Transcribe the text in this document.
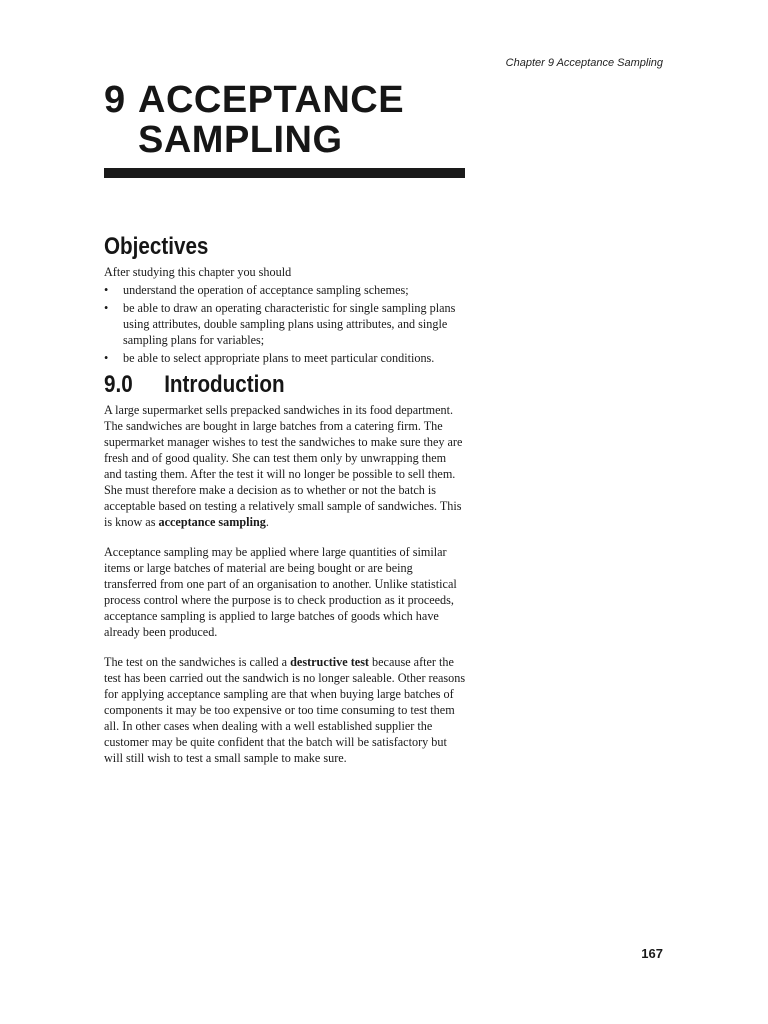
Chapter 9 Acceptance Sampling
9 ACCEPTANCE
SAMPLING
Objectives

After studying this chapter you should

• understand the operation of acceptance sampling schemes;
• be able to draw an operating characteristic for single sampling plans using attributes, double sampling plans using attributes, and single sampling plans for variables;
• be able to select appropriate plans to meet particular conditions.
9.0 Introduction

A large supermarket sells prepacked sandwiches in its food department. The sandwiches are bought in large batches from a catering firm. The supermarket manager wishes to test the sandwiches to make sure they are fresh and of good quality. She can test them only by unwrapping them and tasting them. After the test it will no longer be possible to sell them. She must therefore make a decision as to whether or not the batch is acceptable based on testing a relatively small sample of sandwiches. This is know as acceptance sampling.

Acceptance sampling may be applied where large quantities of similar items or large batches of material are being bought or are being transferred from one part of an organisation to another. Unlike statistical process control where the purpose is to check production as it proceeds, acceptance sampling is applied to large batches of goods which have already been produced.

The test on the sandwiches is called a destructive test because after the test has been carried out the sandwich is no longer saleable. Other reasons for applying acceptance sampling are that when buying large batches of components it may be too expensive or too time consuming to test them all. In other cases when dealing with a well established supplier the customer may be quite confident that the batch will be satisfactory but will still wish to test a small sample to make sure.

167
